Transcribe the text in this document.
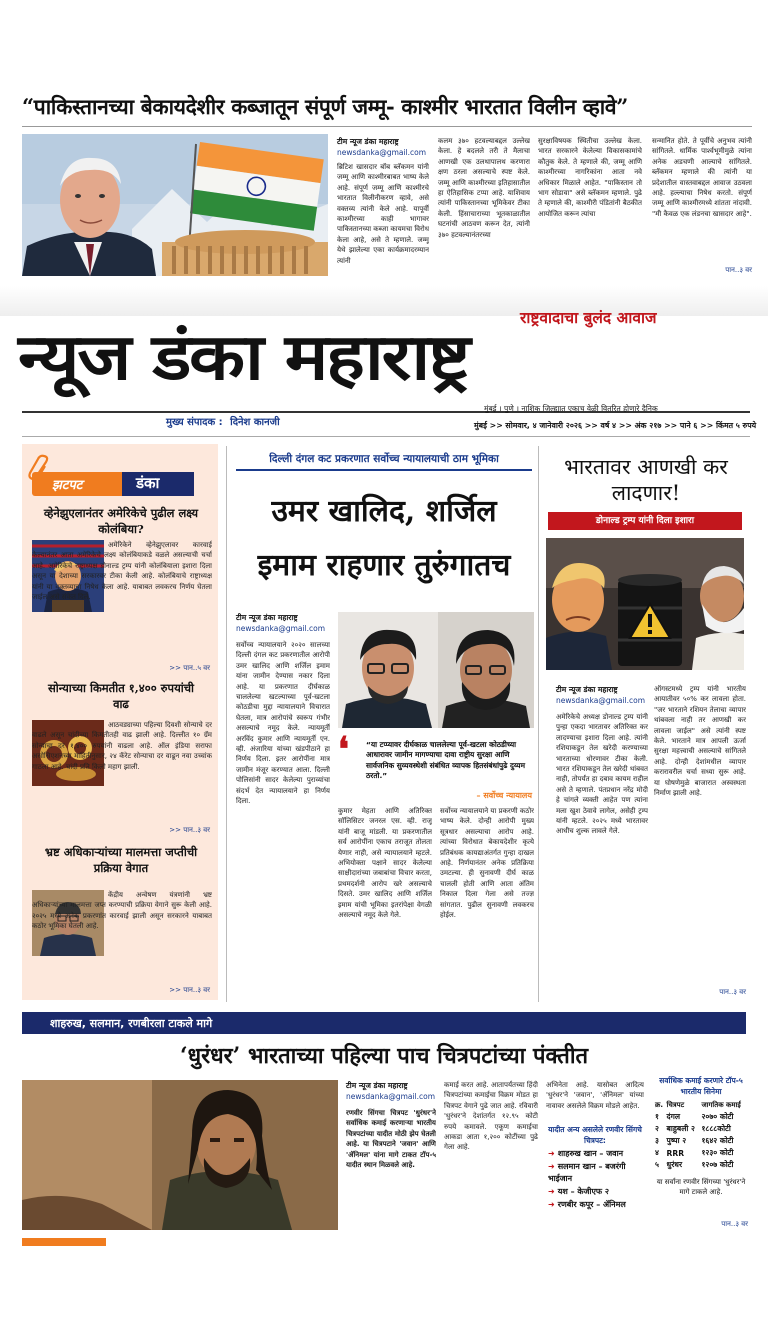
“पाकिस्तानच्या बेकायदेशीर कब्जातून संपूर्ण जम्मू- काश्मीर भारतात विलीन व्हावे”
टीम न्यूज डंका महाराष्ट्र
newsdanka@gmail.com
ब्रिटिश खासदार बॉब ब्लॅकमन यांनी जम्मू आणि काश्मीरबाबत भाष्य केले आहे. संपूर्ण जम्मू आणि काश्मीरचे भारतात विलीनीकरण व्हावे, असे वक्तव्य त्यांनी केले आहे. यापूर्वी काश्मीरच्या काही भागावर पाकिस्तानच्या कब्जा कायमचा विरोध केला आहे, असे ते म्हणाले. जम्मू येथे झालेल्या एका कार्यक्रमादरम्यान त्यांनी
कलम ३७० हटवल्याबद्दल उल्लेख केला. हे बदलले तरी ते मैलाचा आणखी एक उलथापालथ करणारा क्षण ठरला असल्याचे स्पष्ट केले. जम्मू आणि काश्मीरच्या इतिहासातील हा ऐतिहासिक टप्पा आहे. याशिवाय त्यांनी पाकिस्तानच्या भूमिकेवर टीका केली. हिंसाचाराच्या भूतकाळातील घटनांची आठवण करून देत, त्यांनी ३७० हटवल्यानंतरच्या
सुरक्षाविषयक स्थितीचा उल्लेख केला. भारत सरकारने केलेल्या विकासकामांचे कौतुक केले. ते म्हणाले की, जम्मू आणि काश्मीरच्या नागरिकांना आता नवे अधिकार मिळाले आहेत. "पाकिस्तान तो भाग सोडावा" असे ब्लॅकमन म्हणाले. पुढे ते म्हणाले की, काश्मीरी पंडितांनी बैठकीत आयोजित करून त्यांचा
सन्मानित होते. ते पूर्वीचे अनुभव त्यांनी सांगितले. धार्मिक पार्श्वभूमीमुळे त्यांना अनेक अडचणी आल्याचे सांगितले. ब्लॅकमन म्हणाले की त्यांनी या प्रदेशातील वास्तवाबद्दल आवाज उठवला आहे. हल्ल्याचा निषेध करतो. संपूर्ण जम्मू आणि काश्मीरमध्ये शांतता नांदावी. "मी कैवळ एक लंडनचा खासदार आहे".
पान..३ वर
राष्ट्रवादाचा बुलंद आवाज
न्यूज डंका महाराष्ट्र
मुख्य संपादक : दिनेश कानजी
मुंबई । पुणे । नाशिक जिल्ह्यात एकाच वेळी वितरित होणारे दैनिक
मुंबई >> सोमवार, ४ जानेवारी २०२६ >> वर्ष ४ >> अंक २१७ >> पाने ६ >> किंमत ५ रुपये
झटपट	डंका
व्हेनेझुएलानंतर अमेरिकेचे पुढील लक्ष्य कोलंबिया?
अमेरिकेने व्हेनेझुएलावर कारवाई केल्यानंतर आता अमेरिकेचे लक्ष्य कोलंबियाकडे वळले असल्याची चर्चा आहे. अमेरिकेचे राष्ट्राध्यक्ष डोनाल्ड ट्रम्प यांनी कोलंबियाला इशारा दिला असून या देशाच्या सरकारवर टीका केली आहे. कोलंबियाचे राष्ट्राध्यक्ष यांनी या वक्तव्याचा निषेध केला आहे. याबाबत लवकरच निर्णय घेतला जाईल असे संकेत दिले.
>> पान..५ वर
सोन्याच्या किमतीत १,४०० रुपयांची वाढ
आठवड्याच्या पहिल्या दिवशी सोन्याचे दर वाढले असून चांदीच्या किमतीतही वाढ झाली आहे. दिल्लीत १० ग्रॅम सोन्याचा दर १,४०० रुपयांनी वाढला आहे. ऑल इंडिया सराफा असोसिएशनच्या माहितीनुसार, २४ कॅरेट सोन्याचा दर वाढून नवा उच्चांक गाठला आहे. चांदी प्रति किलो महाग झाली.
>> पान..३ वर
भ्रष्ट अधिकाऱ्यांच्या मालमत्ता जप्तीची प्रक्रिया वेगात
केंद्रीय अन्वेषण यंत्रणांनी भ्रष्ट अधिकाऱ्यांच्या मालमत्ता जप्त करण्याची प्रक्रिया वेगाने सुरू केली आहे. २०२५ मध्ये अनेक प्रकरणांत कारवाई झाली असून सरकारने याबाबत कठोर भूमिका घेतली आहे.
>> पान..३ वर
दिल्ली दंगल कट प्रकरणात सर्वोच्च न्यायालयाची ठाम भूमिका
उमर खालिद, शर्जिल
इमाम राहणार तुरुंगातच
टीम न्यूज डंका महाराष्ट्र
newsdanka@gmail.com
सर्वोच्च न्यायालयाने २०२० सालच्या दिल्ली दंगल कट प्रकरणातील आरोपी उमर खालिद आणि शर्जिल इमाम यांना जामीन देण्यास नकार दिला आहे. या प्रकरणात दीर्घकाळ चाललेल्या खटल्याच्या पूर्व-खटला कोठडीचा मुद्दा न्यायालयाने विचारात घेतला, मात्र आरोपांचे स्वरूप गंभीर असल्याचे नमूद केले. न्यायमूर्ती अरविंद कुमार आणि न्यायमूर्ती एन. व्ही. अंजारिया यांच्या खंडपीठाने हा निर्णय दिला. इतर आरोपींना मात्र जामीन मंजूर करण्यात आला. दिल्ली पोलिसांनी सादर केलेल्या पुराव्यांचा संदर्भ देत न्यायालयाने हा निर्णय दिला.
❛ “या टप्प्यावर दीर्घकाळ चाललेल्या पूर्व-खटला कोठडीच्या आधारावर जामीन मागण्याचा दावा राष्ट्रीय सुरक्षा आणि सार्वजनिक सुव्यवस्थेशी संबंधित व्यापक हितसंबंधांपुढे दुय्यम ठरतो.”
– सर्वोच्च न्यायालय
कुमार मेहता आणि अतिरिक्त सॉलिसिटर जनरल एस. व्ही. राजू यांनी बाजू मांडली. या प्रकरणातील सर्व आरोपींना एकाच तराजूत तोलता येणार नाही, असे न्यायालयाने म्हटले. अभियोक्ता पक्षाने सादर केलेल्या साक्षीदारांच्या जबाबांचा विचार करता, प्रथमदर्शनी आरोप खरे असल्याचे दिसते. उमर खालिद आणि शर्जिल इमाम यांची भूमिका इतरांपेक्षा वेगळी असल्याचे नमूद केले गेले.
सर्वोच्च न्यायालयाने या प्रकरणी कठोर भाष्य केले. दोन्ही आरोपी मुख्य सूत्रधार असल्याचा आरोप आहे. त्यांच्या विरोधात बेकायदेशीर कृत्ये प्रतिबंधक कायद्याअंतर्गत गुन्हा दाखल आहे. निर्णयानंतर अनेक प्रतिक्रिया उमटल्या. ही सुनावणी दीर्घ काळ चालली होती आणि आता अंतिम निकाल दिला गेला असे तज्ज्ञ सांगतात. पुढील सुनावणी लवकरच होईल.
भारतावर आणखी कर लादणार!
डोनाल्ड ट्रम्प यांनी दिला इशारा
टीम न्यूज डंका महाराष्ट्र
newsdanka@gmail.com
अमेरिकेचे अध्यक्ष डोनाल्ड ट्रम्प यांनी पुन्हा एकदा भारतावर अतिरिक्त कर लादण्याचा इशारा दिला आहे. त्यांनी रशियाकडून तेल खरेदी करण्याच्या भारताच्या धोरणावर टीका केली. भारत रशियाकडून तेल खरेदी थांबवत नाही, तोपर्यंत हा दबाव कायम राहील असे ते म्हणाले. पंतप्रधान नरेंद्र मोदी हे चांगले व्यक्ती आहेत पण त्यांना मला खुश ठेवावे लागेल, असेही ट्रम्प यांनी म्हटले. २०२५ मध्ये भारतावर आधीच शुल्क लावले गेले.
ऑगस्टमध्ये ट्रम्प यांनी भारतीय आयातीवर ५०% कर लावला होता. "जर भारताने रशियन तेलाचा व्यापार थांबवला नाही तर आणखी कर लावला जाईल" असे त्यांनी स्पष्ट केले. भारताने मात्र आपली ऊर्जा सुरक्षा महत्त्वाची असल्याचे सांगितले आहे. दोन्ही देशांमधील व्यापार करारावरील चर्चा सध्या सुरू आहे. या घोषणेमुळे बाजारात अस्वस्थता निर्माण झाली आहे.
पान..३ वर
शाहरुख, सलमान, रणबीरला टाकले मागे
‘धुरंधर’ भारताच्या पहिल्या पाच चित्रपटांच्या पंक्तीत
टीम न्यूज डंका महाराष्ट्र
newsdanka@gmail.com
रणवीर सिंगचा चित्रपट 'धुरंधर'ने सर्वाधिक कमाई करणाऱ्या भारतीय चित्रपटांच्या यादीत मोठी झेप घेतली आहे. या चित्रपटाने 'जवान' आणि 'ॲनिमल' यांना मागे टाकत टॉप-५ यादीत स्थान मिळवले आहे.
कमाई करत आहे. आतापर्यंतच्या हिंदी चित्रपटांच्या कमाईचा विक्रम मोडत हा चित्रपट वेगाने पुढे जात आहे. रविवारी 'धुरंधर'ने देशांतर्गत १२.९५ कोटी रुपये कमावले. एकूण कमाईचा आकडा आता १,२०० कोटींच्या पुढे गेला आहे.
अभिनेता आहे. यासोबत आदित्य 'धुरंधर'ने 'जवान', 'ॲनिमल' यांच्या नावावर असलेले विक्रम मोडले आहेत.
यादीत अन्य असलेले रणवीर सिंगचे चित्रपट:
➜ शाहरुख खान – जवान
➜ सलमान खान – बजरंगी भाईजान
➜ यश – केजीएफ २
➜ रणबीर कपूर – ॲनिमल
सर्वाधिक कमाई करणारे टॉप-५ भारतीय सिनेमा
क्र.	चित्रपट	जागतिक कमाई
१	दंगल	२०७० कोटी
२	बाहुबली २	१८८८कोटी
३	पुष्पा २	१६४२ कोटी
४	RRR	१२३० कोटी
५	धुरंधर	१२०७ कोटी
या सर्वांना रणवीर सिंगच्या 'धुरंधर'ने मागे टाकले आहे.
पान..३ वर
